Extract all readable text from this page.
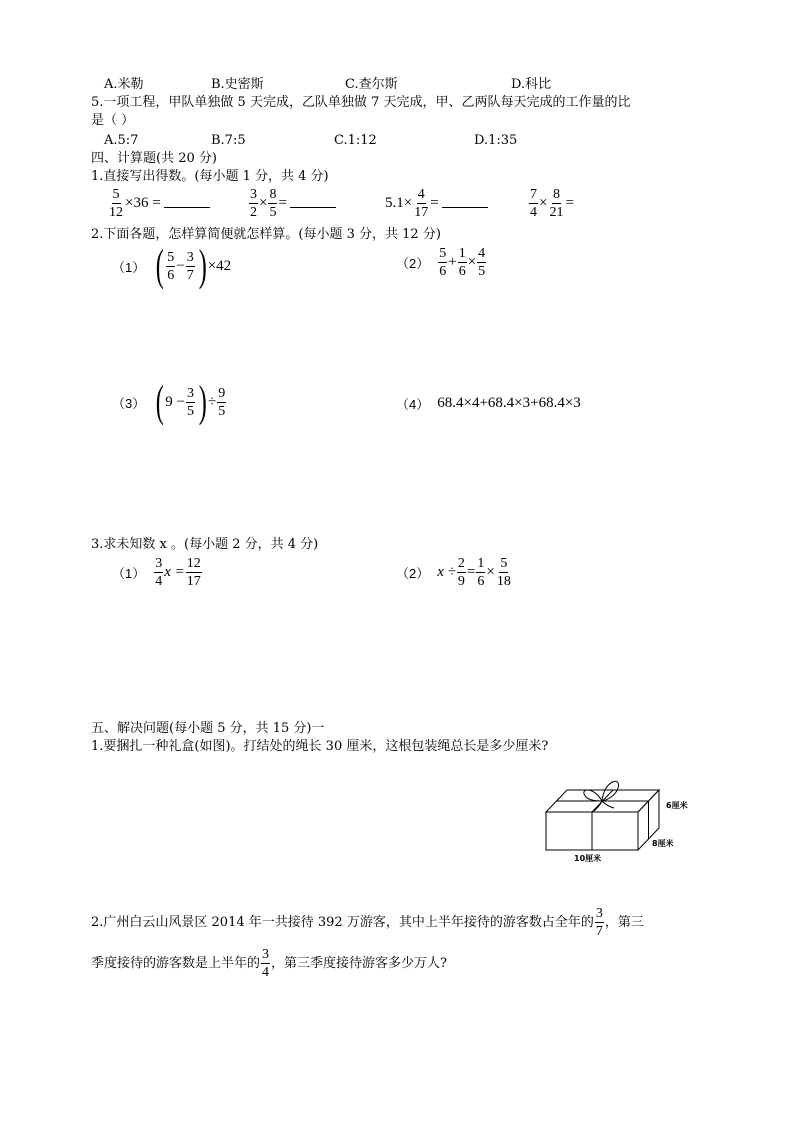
A.米勒	B.史密斯	C.查尔斯	D.科比
5.一项工程，甲队单独做 5 天完成，乙队单独做 7 天完成，甲、乙两队每天完成的工作量的比
是（ ）
A.5:7	B.7:5	C.1:12	D.1:35
四、计算题(共 20 分)
1.直接写出得数。(每小题 1 分，共 4 分)
$\frac{5}{12} \times 36$ =	$\frac{3}{2} \times \frac{8}{5}$ =	$5.1\times \frac{4}{17}$ =	$\frac{7}{4} \times \frac{8}{21}$ =
2.下面各题，怎样算简便就怎样算。(每小题 3 分，共 12 分)
（1） ( $\frac{5}{6} - \frac{3}{7}$ ) ×42	$(2) \frac{5}{6} + \frac{1}{6} \times \frac{4}{5}$
（3） ( $9 - \frac{3}{5}$ ) ÷ $\frac{9}{5}$	（4） 68.4×4+68.4×3+68.4×3
3.求未知数 x 。(每小题 2 分，共 4 分)
$(1) \frac{3}{4}$ $x = \frac{12}{17}$	（2） $x \div \frac{2}{9} = \frac{1}{6} \times \frac{5}{18}$
五、解决问题(每小题 5 分，共 15 分)一
1.要捆扎一种礼盒(如图)。打结处的绳长 30 厘米，这根包装绳总长是多少厘米?
6厘米
8厘米
10厘米
2.广州白云山风景区 2014 年一共接待 392 万游客，其中上半年接待的游客数占全年的 $\frac{3}{7}$ ，第三
季度接待的游客数是上半年的 $\frac{3}{4}$ ，第三季度接待游客多少万人?
